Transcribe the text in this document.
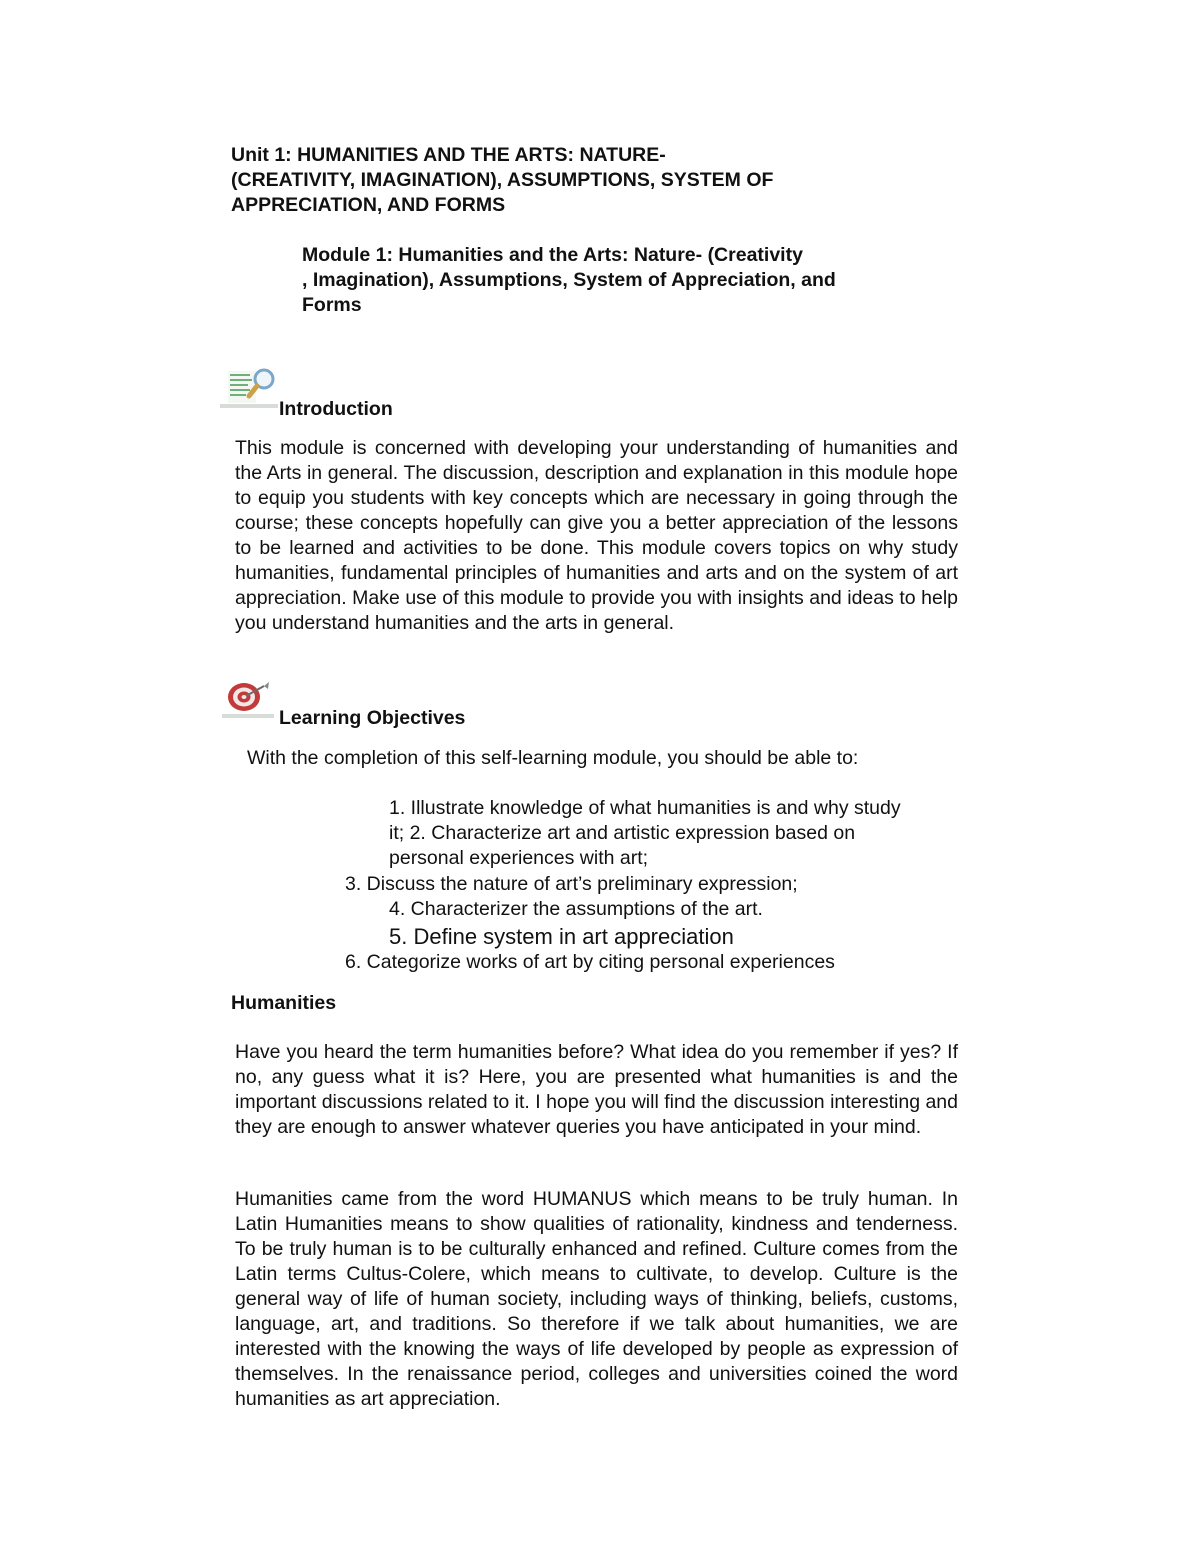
Unit 1: HUMANITIES AND THE ARTS: NATURE-
(CREATIVITY, IMAGINATION), ASSUMPTIONS, SYSTEM OF
APPRECIATION, AND FORMS
Module 1: Humanities and the Arts: Nature- (Creativity
, Imagination), Assumptions, System of Appreciation, and
Forms
Introduction

This module is concerned with developing your understanding of humanities and the Arts in general. The discussion, description and explanation in this module hope to equip you students with key concepts which are necessary in going through the course; these concepts hopefully can give you a better appreciation of the lessons to be learned and activities to be done. This module covers topics on why study humanities, fundamental principles of humanities and arts and on the system of art appreciation. Make use of this module to provide you with insights and ideas to help you understand humanities and the arts in general.

Learning Objectives
With the completion of this self-learning module, you should be able to:
1. Illustrate knowledge of what humanities is and why study
it; 2. Characterize art and artistic expression based on
personal experiences with art;
3. Discuss the nature of art’s preliminary expression;
4. Characterizer the assumptions of the art.
5. Define system in art appreciation
6. Categorize works of art by citing personal experiences
Humanities

Have you heard the term humanities before? What idea do you remember if yes? If no, any guess what it is? Here, you are presented what humanities is and the important discussions related to it. I hope you will find the discussion interesting and they are enough to answer whatever queries you have anticipated in your mind.

Humanities came from the word HUMANUS which means to be truly human. In Latin Humanities means to show qualities of rationality, kindness and tenderness. To be truly human is to be culturally enhanced and refined. Culture comes from the Latin terms Cultus-Colere, which means to cultivate, to develop. Culture is the general way of life of human society, including ways of thinking, beliefs, customs, language, art, and traditions. So therefore if we talk about humanities, we are interested with the knowing the ways of life developed by people as expression of themselves. In the renaissance period, colleges and universities coined the word humanities as art appreciation.
